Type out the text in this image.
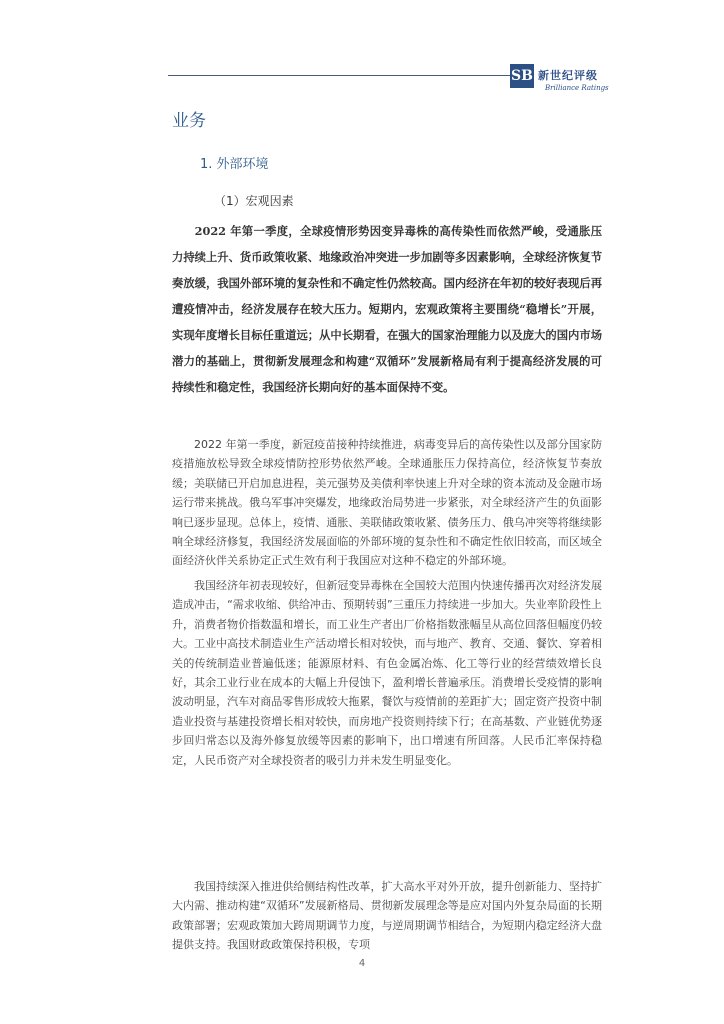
SB 新世纪评级
Brilliance Ratings
业务
1. 外部环境
（1）宏观因素

2022 年第一季度，全球疫情形势因变异毒株的高传染性而依然严峻，受通胀压力持续上升、货币政策收紧、地缘政治冲突进一步加剧等多因素影响，全球经济恢复节奏放缓，我国外部环境的复杂性和不确定性仍然较高。国内经济在年初的较好表现后再遭疫情冲击，经济发展存在较大压力。短期内，宏观政策将主要围绕“稳增长”开展，实现年度增长目标任重道远；从中长期看，在强大的国家治理能力以及庞大的国内市场潜力的基础上，贯彻新发展理念和构建“双循环”发展新格局有利于提高经济发展的可持续性和稳定性，我国经济长期向好的基本面保持不变。

2022 年第一季度，新冠疫苗接种持续推进，病毒变异后的高传染性以及部分国家防疫措施放松导致全球疫情防控形势依然严峻。全球通胀压力保持高位，经济恢复节奏放缓；美联储已开启加息进程，美元强势及美债利率快速上升对全球的资本流动及金融市场运行带来挑战。俄乌军事冲突爆发，地缘政治局势进一步紧张，对全球经济产生的负面影响已逐步显现。总体上，疫情、通胀、美联储政策收紧、债务压力、俄乌冲突等将继续影响全球经济修复，我国经济发展面临的外部环境的复杂性和不确定性依旧较高，而区域全面经济伙伴关系协定正式生效有利于我国应对这种不稳定的外部环境。

我国经济年初表现较好，但新冠变异毒株在全国较大范围内快速传播再次对经济发展造成冲击，“需求收缩、供给冲击、预期转弱”三重压力持续进一步加大。失业率阶段性上升，消费者物价指数温和增长，而工业生产者出厂价格指数涨幅呈从高位回落但幅度仍较大。工业中高技术制造业生产活动增长相对较快，而与地产、教育、交通、餐饮、穿着相关的传统制造业普遍低迷；能源原材料、有色金属冶炼、化工等行业的经营绩效增长良好，其余工业行业在成本的大幅上升侵蚀下，盈利增长普遍承压。消费增长受疫情的影响波动明显，汽车对商品零售形成较大拖累，餐饮与疫情前的差距扩大；固定资产投资中制造业投资与基建投资增长相对较快，而房地产投资则持续下行；在高基数、产业链优势逐步回归常态以及海外修复放缓等因素的影响下，出口增速有所回落。人民币汇率保持稳定，人民币资产对全球投资者的吸引力并未发生明显变化。

我国持续深入推进供给侧结构性改革，扩大高水平对外开放，提升创新能力、坚持扩大内需、推动构建“双循环”发展新格局、贯彻新发展理念等是应对国内外复杂局面的长期政策部署；宏观政策加大跨周期调节力度，与逆周期调节相结合，为短期内稳定经济大盘提供支持。我国财政政策保持积极，专项

4
